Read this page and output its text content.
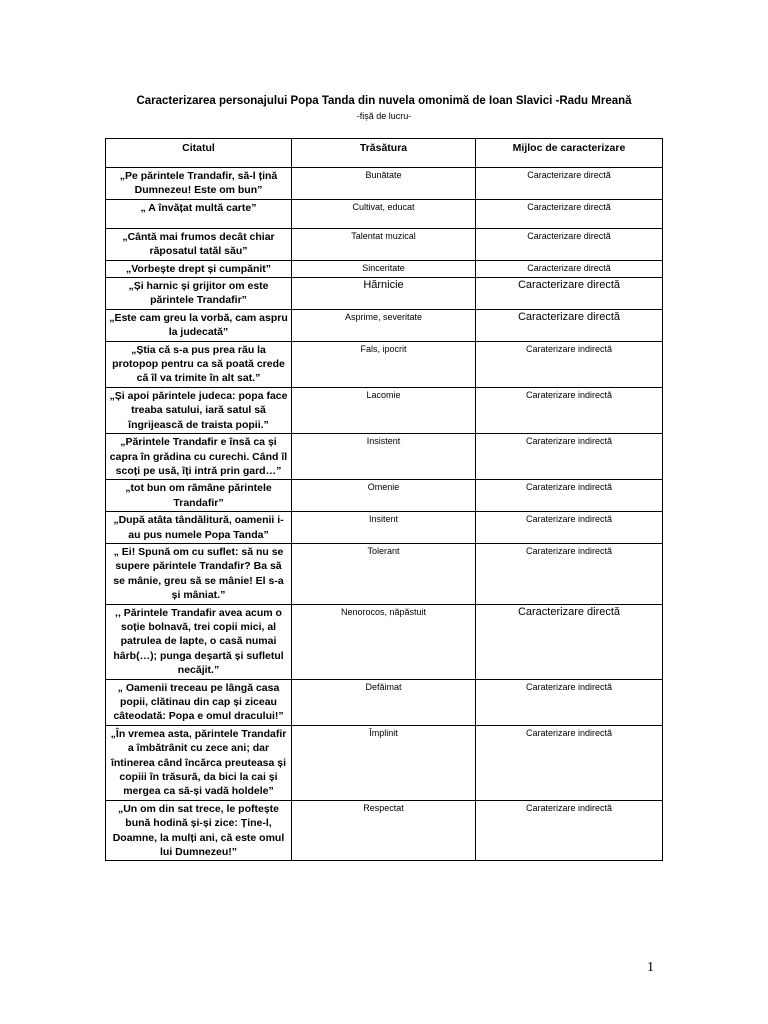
Caracterizarea personajului Popa Tanda din nuvela omonimă de Ioan Slavici -Radu Mreană
-fișă de lucru-
Citatul	Trăsătura	Mijloc de caracterizare
„Pe părintele Trandafir, să-l țină Dumnezeu! Este om bun”	Bunătate	Caracterizare directă
„ A învățat multă carte”	Cultivat, educat	Caracterizare directă
„Cântă mai frumos decât chiar răposatul tatăl său”	Talentat muzical	Caracterizare directă
„Vorbește drept și cumpănit”	Sinceritate	Caracterizare directă
„Și harnic și grijitor om este părintele Trandafir”	Hărnicie	Caracterizare directă
„Este cam greu la vorbă, cam aspru la judecată”	Asprime, severitate	Caracterizare directă
„Știa că s-a pus prea rău la protopop pentru ca să poată crede că îl va trimite în alt sat.”	Fals, ipocrit	Caraterizare indirectă
„Și apoi părintele judeca: popa face treaba satului, iară satul să îngrijească de traista popii.”	Lacomie	Caraterizare indirectă
„Părintele Trandafir e însă ca și capra în grădina cu curechi. Când îl scoți pe usă, îți intră prin gard…”	Insistent	Caraterizare indirectă
„tot bun om rămâne părintele Trandafir”	Omenie	Caraterizare indirectă
„După atâta tândălitură, oamenii i-au pus numele Popa Tanda”	Insitent	Caraterizare indirectă
„ Ei! Spună om cu suflet: să nu se supere părintele Trandafir? Ba să se mânie, greu să se mânie! El s-a și mâniat.”	Tolerant	Caraterizare indirectă
,, Părintele Trandafir avea acum o soție bolnavă, trei copii mici, al patrulea de lapte, o casă numai hârb(…); punga deșartă și sufletul necăjit.”	Nenorocos, năpăstuit	Caracterizare directă
„ Oamenii treceau pe lângă casa popii, clătinau din cap și ziceau câteodată: Popa e omul dracului!”	Defăimat	Caraterizare indirectă
„În vremea asta, părintele Trandafir a îmbătrânit cu zece ani; dar întinerea când încărca preuteasa și copiii în trăsură, da bici la cai și mergea ca să-și vadă holdele”	Împlinit	Caraterizare indirectă
„Un om din sat trece, le poftește bună hodină și-și zice: Ține-l, Doamne, la mulți ani, că este omul lui Dumnezeu!”	Respectat	Caraterizare indirectă
1
